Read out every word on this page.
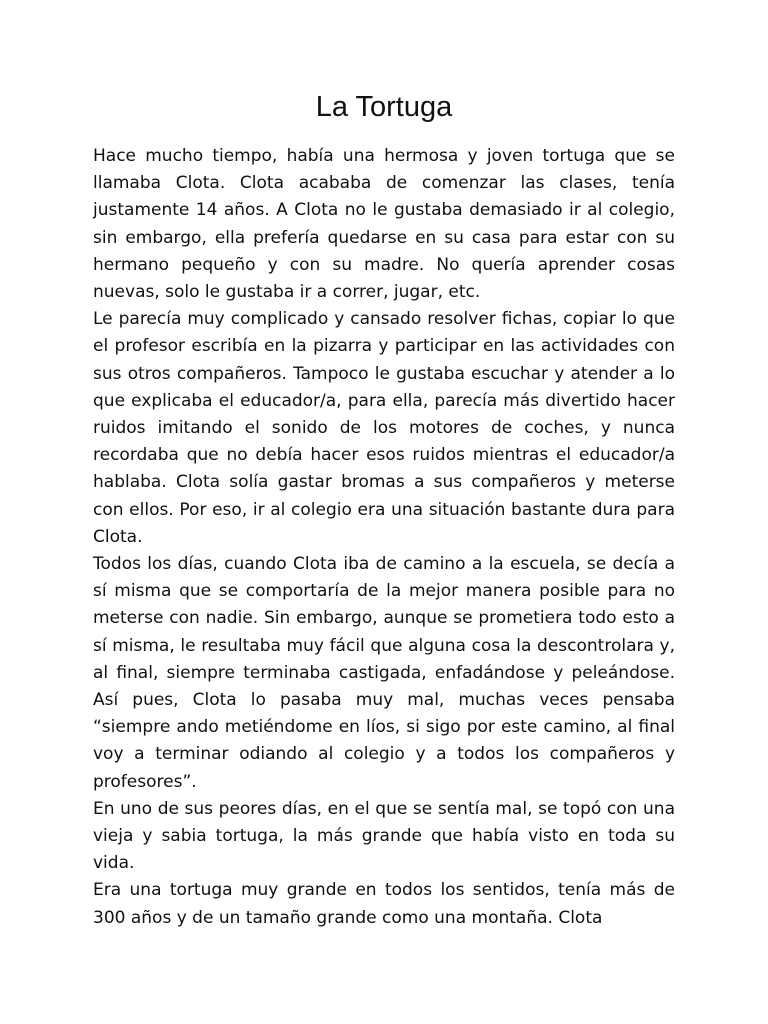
La Tortuga

Hace mucho tiempo, había una hermosa y joven tortuga que se llamaba Clota. Clota acababa de comenzar las clases, tenía justamente 14 años. A Clota no le gustaba demasiado ir al colegio, sin embargo, ella prefería quedarse en su casa para estar con su hermano pequeño y con su madre. No quería aprender cosas nuevas, solo le gustaba ir a correr, jugar, etc.

Le parecía muy complicado y cansado resolver fichas, copiar lo que el profesor escribía en la pizarra y participar en las actividades con sus otros compañeros. Tampoco le gustaba escuchar y atender a lo que explicaba el educador/a, para ella, parecía más divertido hacer ruidos imitando el sonido de los motores de coches, y nunca recordaba que no debía hacer esos ruidos mientras el educador/a hablaba. Clota solía gastar bromas a sus compañeros y meterse con ellos. Por eso, ir al colegio era una situación bastante dura para Clota.

Todos los días, cuando Clota iba de camino a la escuela, se decía a sí misma que se comportaría de la mejor manera posible para no meterse con nadie. Sin embargo, aunque se prometiera todo esto a sí misma, le resultaba muy fácil que alguna cosa la descontrolara y, al final, siempre terminaba castigada, enfadándose y peleándose. Así pues, Clota lo pasaba muy mal, muchas veces pensaba “siempre ando metiéndome en líos, si sigo por este camino, al final voy a terminar odiando al colegio y a todos los compañeros y profesores”.

En uno de sus peores días, en el que se sentía mal, se topó con una vieja y sabia tortuga, la más grande que había visto en toda su vida.

Era una tortuga muy grande en todos los sentidos, tenía más de 300 años y de un tamaño grande como una montaña. Clota
